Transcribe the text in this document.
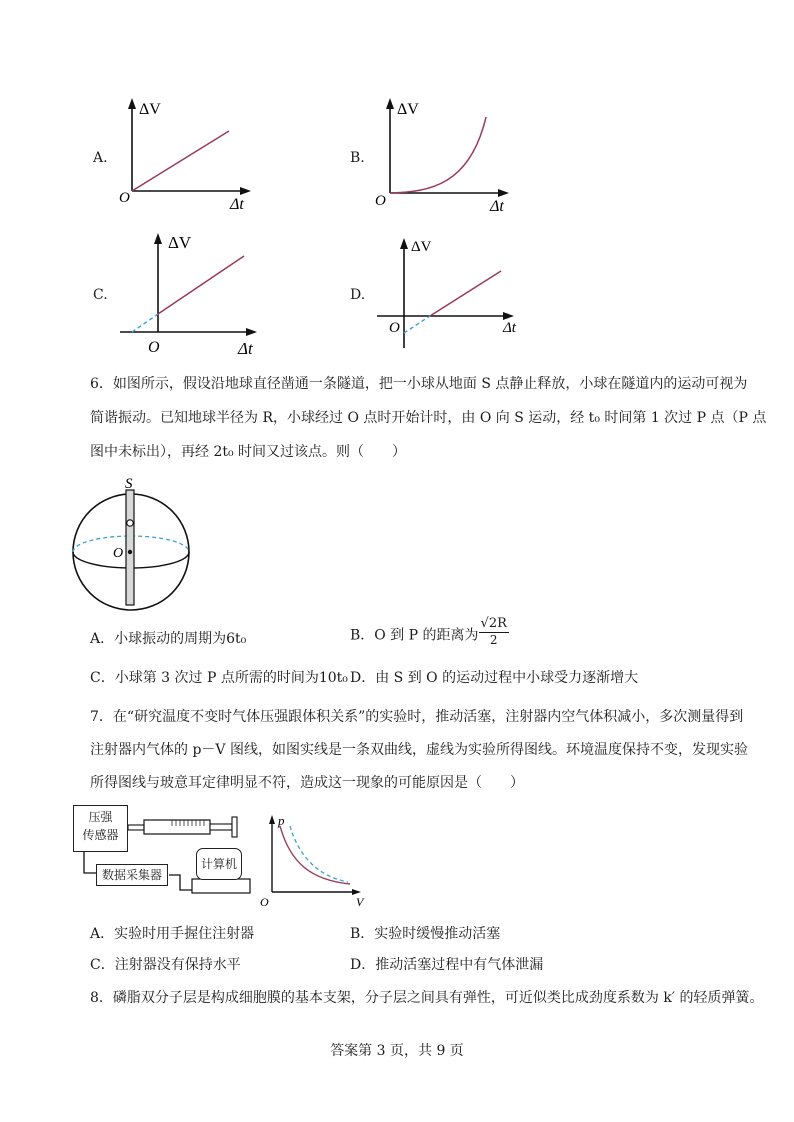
A.
ΔV
Δt
O
B.
ΔV
Δt
O
C.
ΔV
Δt
O
D.
ΔV
Δt
O
6．如图所示，假设沿地球直径凿通一条隧道，把一小球从地面 S 点静止释放，小球在隧道内的运动可视为
简谐振动。已知地球半径为 R，小球经过 O 点时开始计时，由 O 向 S 运动，经 t₀ 时间第 1 次过 P 点（P 点
图中未标出），再经 2t₀ 时间又过该点。则（　　）
S
O
A．小球振动的周期为6t₀	B．O 到 P 的距离为 $\frac{√2R}{2}$
C．小球第 3 次过 P 点所需的时间为10t₀ D．由 S 到 O 的运动过程中小球受力逐渐增大
7．在“研究温度不变时气体压强跟体积关系”的实验时，推动活塞，注射器内空气体积减小，多次测量得到
注射器内气体的 p－V 图线，如图实线是一条双曲线，虚线为实验所得图线。环境温度保持不变，发现实验
所得图线与玻意耳定律明显不符，造成这一现象的可能原因是（　　）
压强
传感器
数据采集器
计算机
p
V
O
A．实验时用手握住注射器	B．实验时缓慢推动活塞
C．注射器没有保持水平	D．推动活塞过程中有气体泄漏
8．磷脂双分子层是构成细胞膜的基本支架，分子层之间具有弹性，可近似类比成劲度系数为 k′ 的轻质弹簧。
答案第 3 页，共 9 页
